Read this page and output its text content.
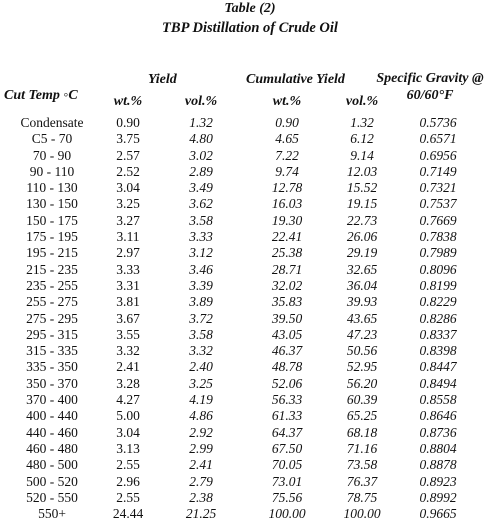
Table (2)
TBP Distillation of Crude Oil
Yield	Cumulative Yield	Specific Gravity @
60/60°F
Cut Temp ◦C	wt.%	vol.%	wt.%	vol.%
Condensate	0.90	1.32	0.90	1.32	0.5736
C5 - 70	3.75	4.80	4.65	6.12	0.6571
70 - 90	2.57	3.02	7.22	9.14	0.6956
90 - 110	2.52	2.89	9.74	12.03	0.7149
110 - 130	3.04	3.49	12.78	15.52	0.7321
130 - 150	3.25	3.62	16.03	19.15	0.7537
150 - 175	3.27	3.58	19.30	22.73	0.7669
175 - 195	3.11	3.33	22.41	26.06	0.7838
195 - 215	2.97	3.12	25.38	29.19	0.7989
215 - 235	3.33	3.46	28.71	32.65	0.8096
235 - 255	3.31	3.39	32.02	36.04	0.8199
255 - 275	3.81	3.89	35.83	39.93	0.8229
275 - 295	3.67	3.72	39.50	43.65	0.8286
295 - 315	3.55	3.58	43.05	47.23	0.8337
315 - 335	3.32	3.32	46.37	50.56	0.8398
335 - 350	2.41	2.40	48.78	52.95	0.8447
350 - 370	3.28	3.25	52.06	56.20	0.8494
370 - 400	4.27	4.19	56.33	60.39	0.8558
400 - 440	5.00	4.86	61.33	65.25	0.8646
440 - 460	3.04	2.92	64.37	68.18	0.8736
460 - 480	3.13	2.99	67.50	71.16	0.8804
480 - 500	2.55	2.41	70.05	73.58	0.8878
500 - 520	2.96	2.79	73.01	76.37	0.8923
520 - 550	2.55	2.38	75.56	78.75	0.8992
550+	24.44	21.25	100.00	100.00	0.9665
